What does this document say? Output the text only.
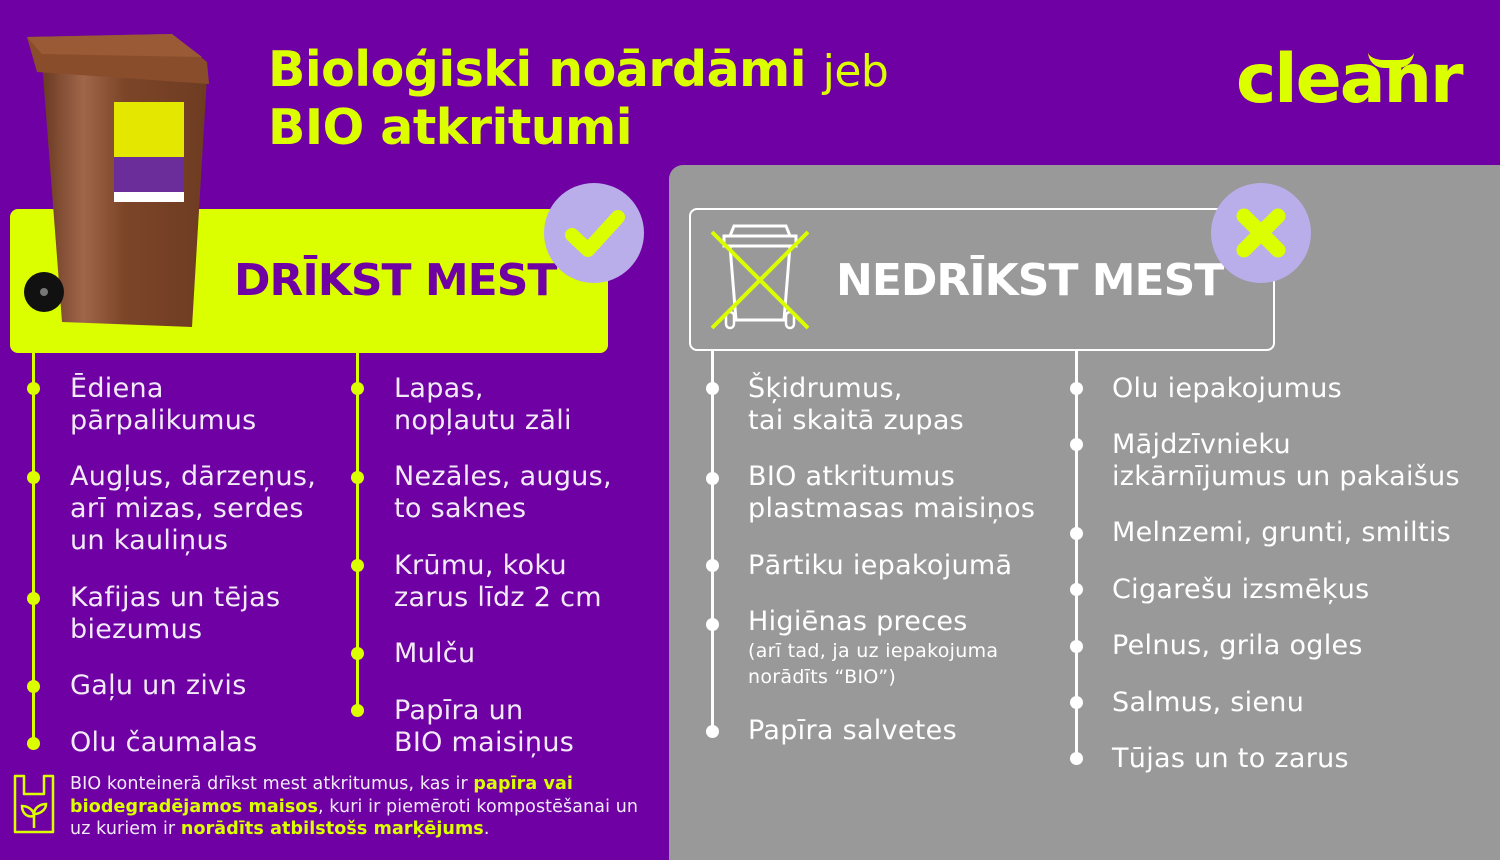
Bioloģiski noārdāmi jeb
BIO atkritumi
cleanr
DRĪKST MEST	NEDRĪKST MEST
Ēdiena
pārpalikumus
Augļus, dārzeņus,
arī mizas, serdes
un kauliņus
Kafijas un tējas
biezumus
Gaļu un zivis
Olu čaumalas
Lapas,
nopļautu zāli
Nezāles, augus,
to saknes
Krūmu, koku
zarus līdz 2 cm
Mulču
Papīra un
BIO maisiņus
Šķidrumus,
tai skaitā zupas
BIO atkritumus
plastmasas maisiņos
Pārtiku iepakojumā
Higiēnas preces
(arī tad, ja uz iepakojuma
norādīts “BIO”)
Papīra salvetes
Olu iepakojumus
Mājdzīvnieku
izkārnījumus un pakaišus
Melnzemi, grunti, smiltis
Cigarešu izsmēķus
Pelnus, grila ogles
Salmus, sienu
Tūjas un to zarus
BIO konteinerā drīkst mest atkritumus, kas ir papīra vai biodegradējamos maisos, kuri ir piemēroti kompostēšanai un uz kuriem ir norādīts atbilstošs marķējums.
